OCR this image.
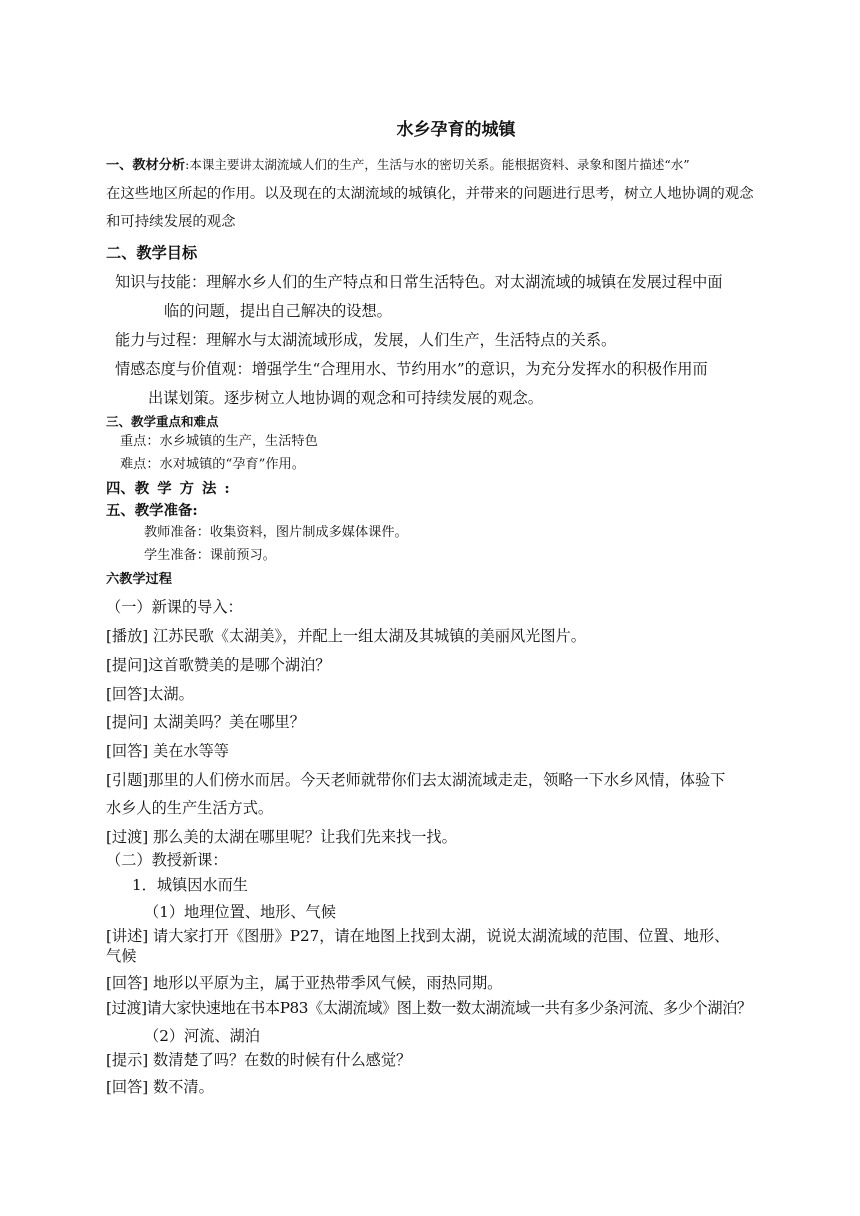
水乡孕育的城镇
一、教材分析:本课主要讲太湖流域人们的生产，生活与水的密切关系。能根据资料、录象和图片描述“水”
在这些地区所起的作用。以及现在的太湖流域的城镇化，并带来的问题进行思考，树立人地协调的观念
和可持续发展的观念
二、教学目标
知识与技能：理解水乡人们的生产特点和日常生活特色。对太湖流域的城镇在发展过程中面
临的问题，提出自己解决的设想。
能力与过程：理解水与太湖流域形成，发展，人们生产，生活特点的关系。
情感态度与价值观：增强学生“合理用水、节约用水”的意识，为充分发挥水的积极作用而
出谋划策。逐步树立人地协调的观念和可持续发展的观念。
三、教学重点和难点
重点：水乡城镇的生产，生活特色
难点：水对城镇的“孕育”作用。
四、教学方法:
五、教学准备:
教师准备：收集资料，图片制成多媒体课件。
学生准备：课前预习。
六教学过程
（一）新课的导入：
[播放] 江苏民歌《太湖美》，并配上一组太湖及其城镇的美丽风光图片。
[提问]这首歌赞美的是哪个湖泊？
[回答]太湖。
[提问] 太湖美吗？美在哪里？
[回答] 美在水等等
[引题]那里的人们傍水而居。今天老师就带你们去太湖流域走走，领略一下水乡风情，体验下
水乡人的生产生活方式。
[过渡] 那么美的太湖在哪里呢？让我们先来找一找。
（二）教授新课：
1．城镇因水而生
（1）地理位置、地形、气候
[讲述] 请大家打开《图册》P27，请在地图上找到太湖，说说太湖流域的范围、位置、地形、
气候
[回答] 地形以平原为主，属于亚热带季风气候，雨热同期。
[过渡]请大家快速地在书本P83《太湖流域》图上数一数太湖流域一共有多少条河流、多少个湖泊？
（2）河流、湖泊
[提示] 数清楚了吗？在数的时候有什么感觉？
[回答] 数不清。
